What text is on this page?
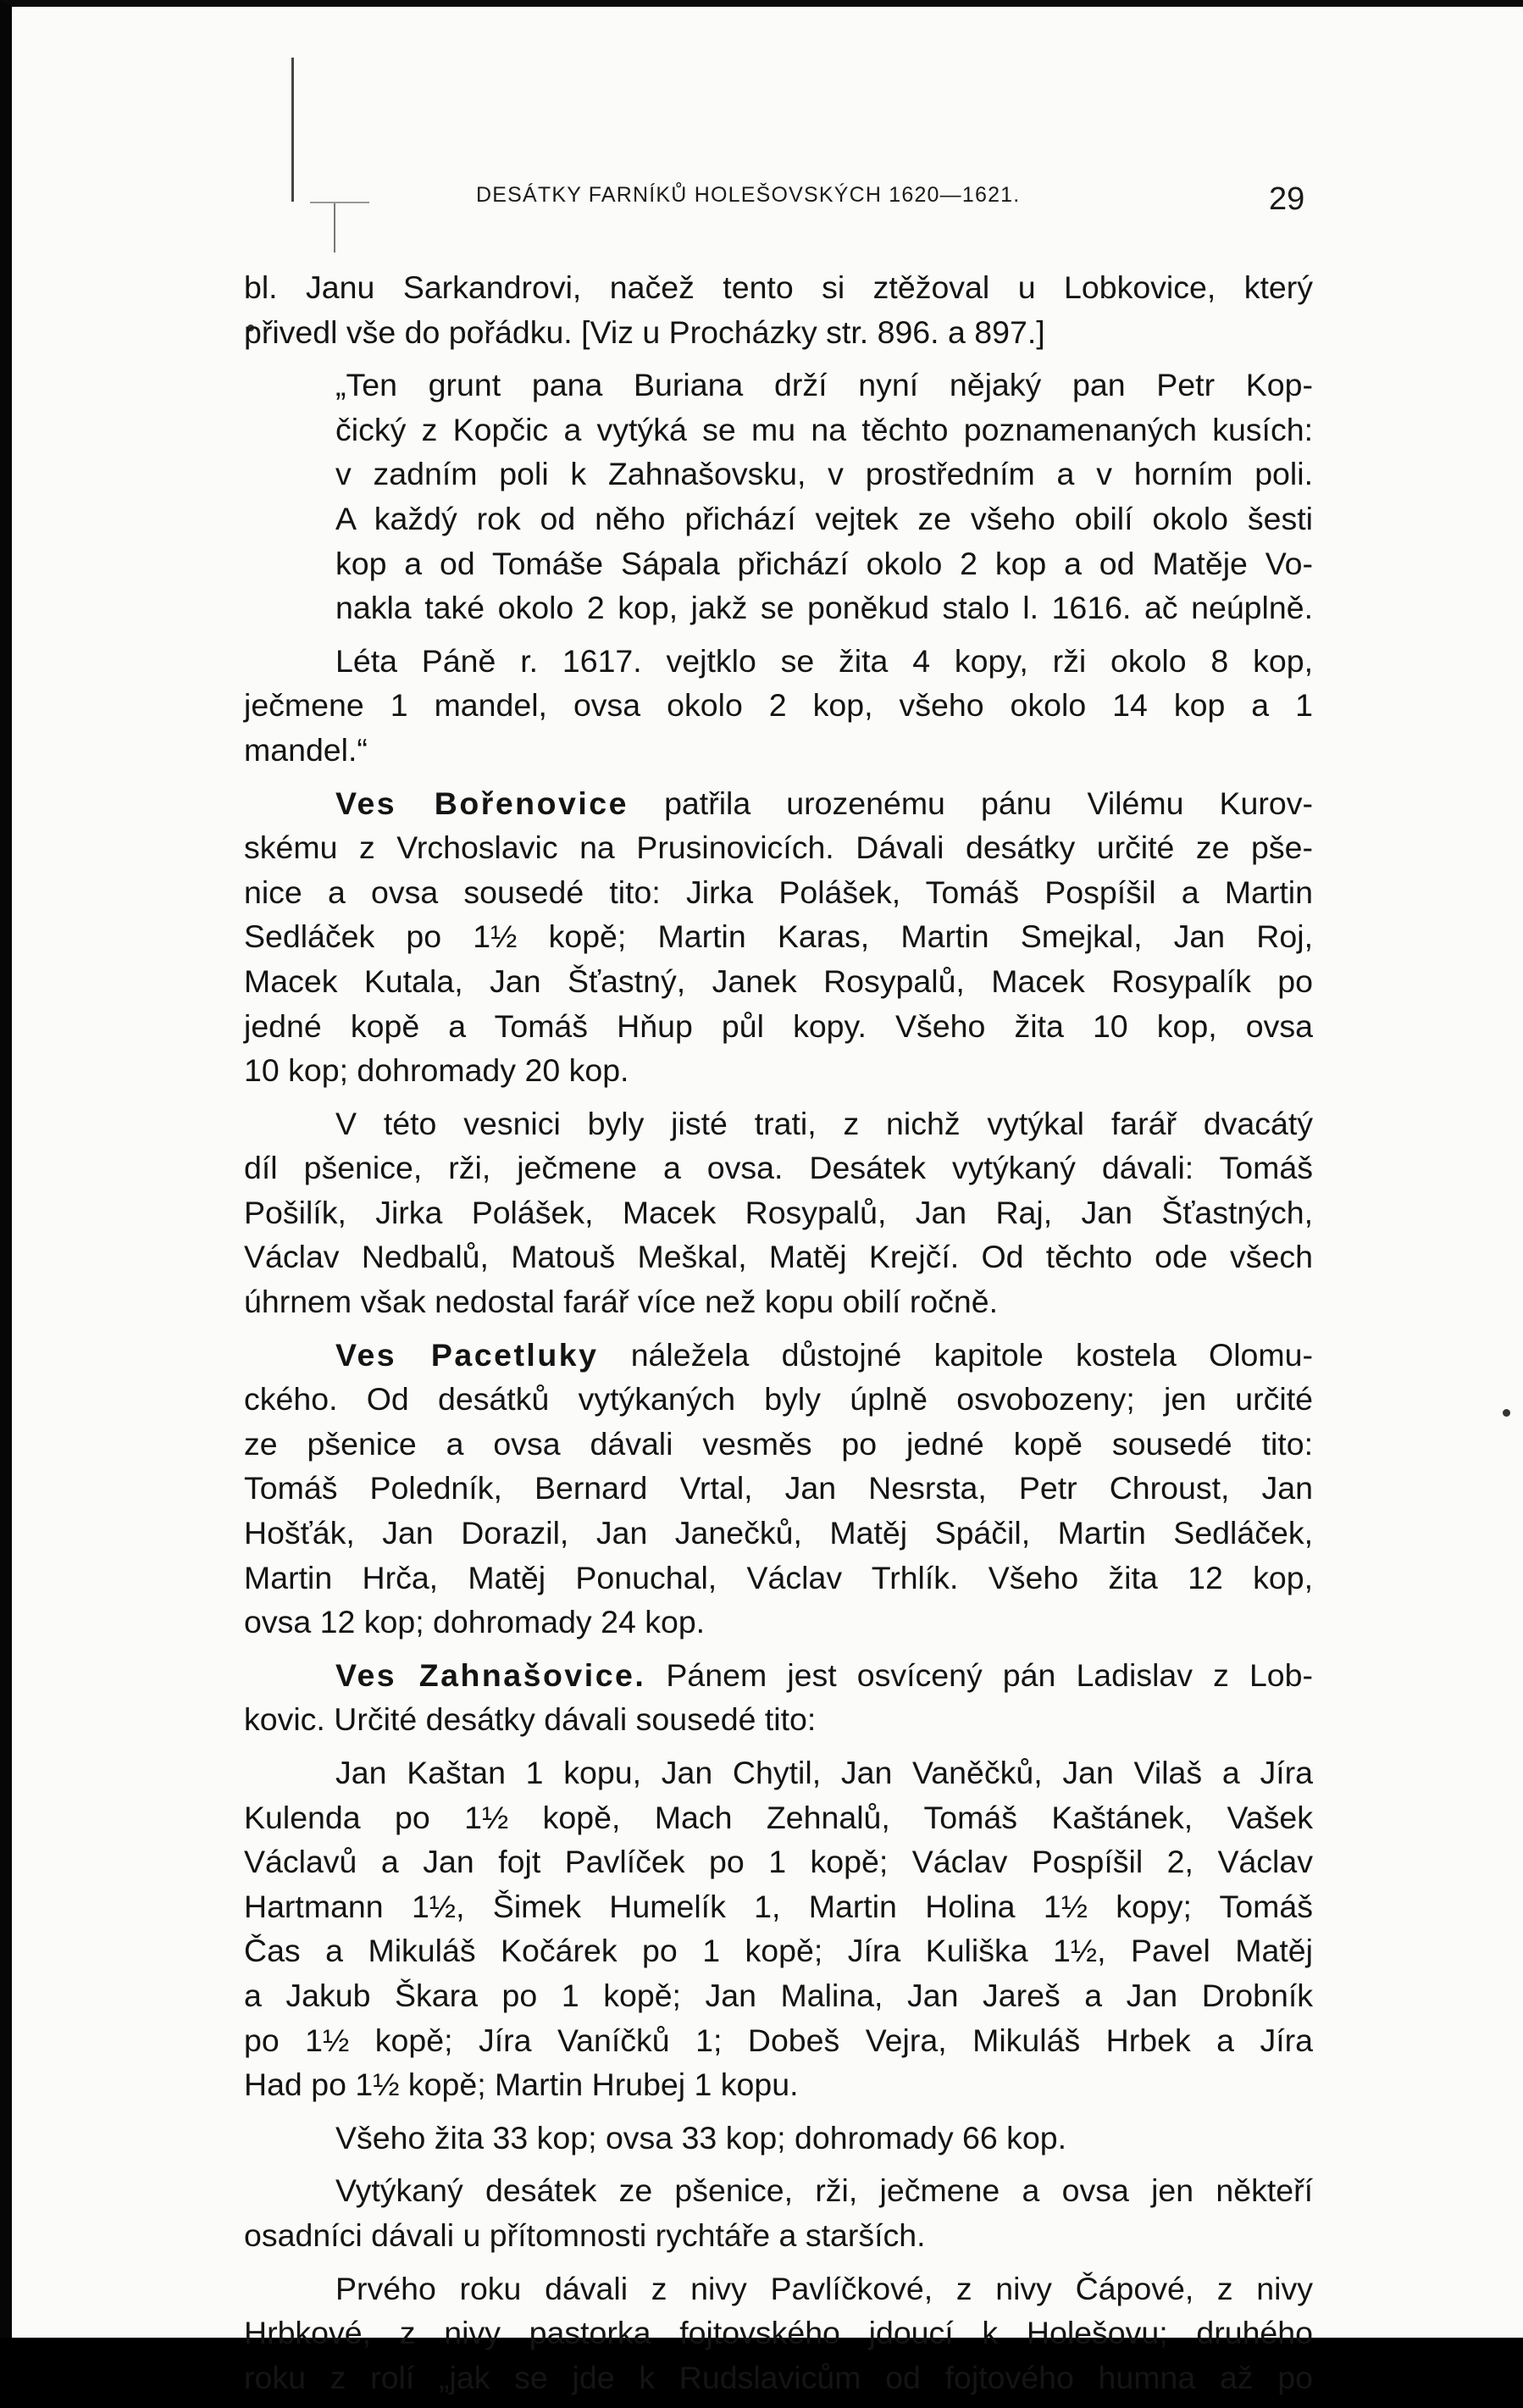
DESÁTKY FARNÍKŮ HOLEŠOVSKÝCH 1620—1621.	29

bl. Janu Sarkandrovi, načež tento si ztěžoval u Lobkovice, který
přivedl vše do pořádku. [Viz u Procházky str. 896. a 897.]

„Ten grunt pana Buriana drží nyní nějaký pan Petr Kop-
čický z Kopčic a vytýká se mu na těchto poznamenaných kusích:
v zadním poli k Zahnašovsku, v prostředním a v horním poli.
A každý rok od něho přichází vejtek ze všeho obilí okolo šesti
kop a od Tomáše Sápala přichází okolo 2 kop a od Matěje Vo-
nakla také okolo 2 kop, jakž se poněkud stalo l. 1616. ač neúplně.

Léta Páně r. 1617. vejtklo se žita 4 kopy, rži okolo 8 kop,
ječmene 1 mandel, ovsa okolo 2 kop, všeho okolo 14 kop a 1
mandel.“

Ves Bořenovice patřila urozenému pánu Vilému Kurov-
skému z Vrchoslavic na Prusinovicích. Dávali desátky určité ze pše-
nice a ovsa sousedé tito: Jirka Polášek, Tomáš Pospíšil a Martin
Sedláček po 1½ kopě; Martin Karas, Martin Smejkal, Jan Roj,
Macek Kutala, Jan Šťastný, Janek Rosypalů, Macek Rosypalík po
jedné kopě a Tomáš Hňup půl kopy. Všeho žita 10 kop, ovsa
10 kop; dohromady 20 kop.

V této vesnici byly jisté trati, z nichž vytýkal farář dvacátý
díl pšenice, rži, ječmene a ovsa. Desátek vytýkaný dávali: Tomáš
Pošilík, Jirka Polášek, Macek Rosypalů, Jan Raj, Jan Šťastných,
Václav Nedbalů, Matouš Meškal, Matěj Krejčí. Od těchto ode všech
úhrnem však nedostal farář více než kopu obilí ročně.

Ves Pacetluky náležela důstojné kapitole kostela Olomu-
ckého. Od desátků vytýkaných byly úplně osvobozeny; jen určité
ze pšenice a ovsa dávali vesměs po jedné kopě sousedé tito:
Tomáš Poledník, Bernard Vrtal, Jan Nesrsta, Petr Chroust, Jan
Hošťák, Jan Dorazil, Jan Janečků, Matěj Spáčil, Martin Sedláček,
Martin Hrča, Matěj Ponuchal, Václav Trhlík. Všeho žita 12 kop,
ovsa 12 kop; dohromady 24 kop.

Ves Zahnašovice. Pánem jest osvícený pán Ladislav z Lob-
kovic. Určité desátky dávali sousedé tito:

Jan Kaštan 1 kopu, Jan Chytil, Jan Vaněčků, Jan Vilaš a Jíra
Kulenda po 1½ kopě, Mach Zehnalů, Tomáš Kaštánek, Vašek
Václavů a Jan fojt Pavlíček po 1 kopě; Václav Pospíšil 2, Václav
Hartmann 1½, Šimek Humelík 1, Martin Holina 1½ kopy; Tomáš
Čas a Mikuláš Kočárek po 1 kopě; Jíra Kuliška 1½, Pavel Matěj
a Jakub Škara po 1 kopě; Jan Malina, Jan Jareš a Jan Drobník
po 1½ kopě; Jíra Vaníčků 1; Dobeš Vejra, Mikuláš Hrbek a Jíra
Had po 1½ kopě; Martin Hrubej 1 kopu.

Všeho žita 33 kop; ovsa 33 kop; dohromady 66 kop.

Vytýkaný desátek ze pšenice, rži, ječmene a ovsa jen někteří
osadníci dávali u přítomnosti rychtáře a starších.

Prvého roku dávali z nivy Pavlíčkové, z nivy Čápové, z nivy
Hrbkové, z nivy pastorka fojtovského jdoucí k Holešovu; druhého
roku z rolí „jak se jde k Rudslavicům od fojtového humna až po
